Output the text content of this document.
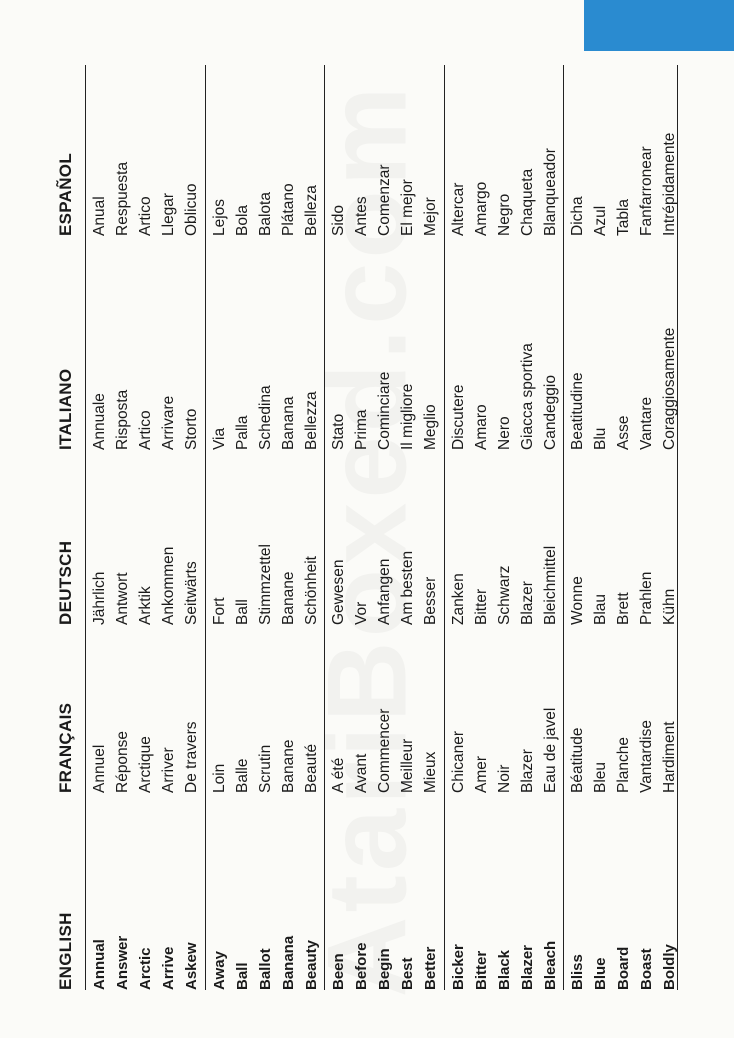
ENGLISH
FRANÇAIS
DEUTSCH
ITALIANO
ESPAÑOL
Annual
Annuel
Jährlich
Annuale
Anual
Answer
Réponse
Antwort
Risposta
Respuesta
Arctic
Arctique
Arktik
Artico
Artico
Arrive
Arriver
Ankommen
Arrivare
Llegar
Askew
De travers
Seitwärts
Storto
Oblicuo
Away
Loin
Fort
Via
Lejos
Ball
Balle
Ball
Palla
Bola
Ballot
Scrutin
Stimmzettel
Schedina
Balota
Banana
Banane
Banane
Banana
Plátano
Beauty
Beauté
Schönheit
Bellezza
Belleza
Been
A été
Gewesen
Stato
Sido
Before
Avant
Vor
Prima
Antes
Begin
Commencer
Anfangen
Cominciare
Comenzar
Best
Meilleur
Am besten
Il migliore
El mejor
Better
Mieux
Besser
Meglio
Mejor
Bicker
Chicaner
Zanken
Discutere
Altercar
Bitter
Amer
Bitter
Amaro
Amargo
Black
Noir
Schwarz
Nero
Negro
Blazer
Blazer
Blazer
Giacca sportiva
Chaqueta
Bleach
Eau de javel
Bleichmittel
Candeggio
Blanqueador
Bliss
Béatitude
Wonne
Beatitudine
Dicha
Blue
Bleu
Blau
Blu
Azul
Board
Planche
Brett
Asse
Tabla
Boast
Vantardise
Prahlen
Vantare
Fanfarronear
Boldly
Hardiment
Kühn
Coraggiosamente
Intrépidamente
